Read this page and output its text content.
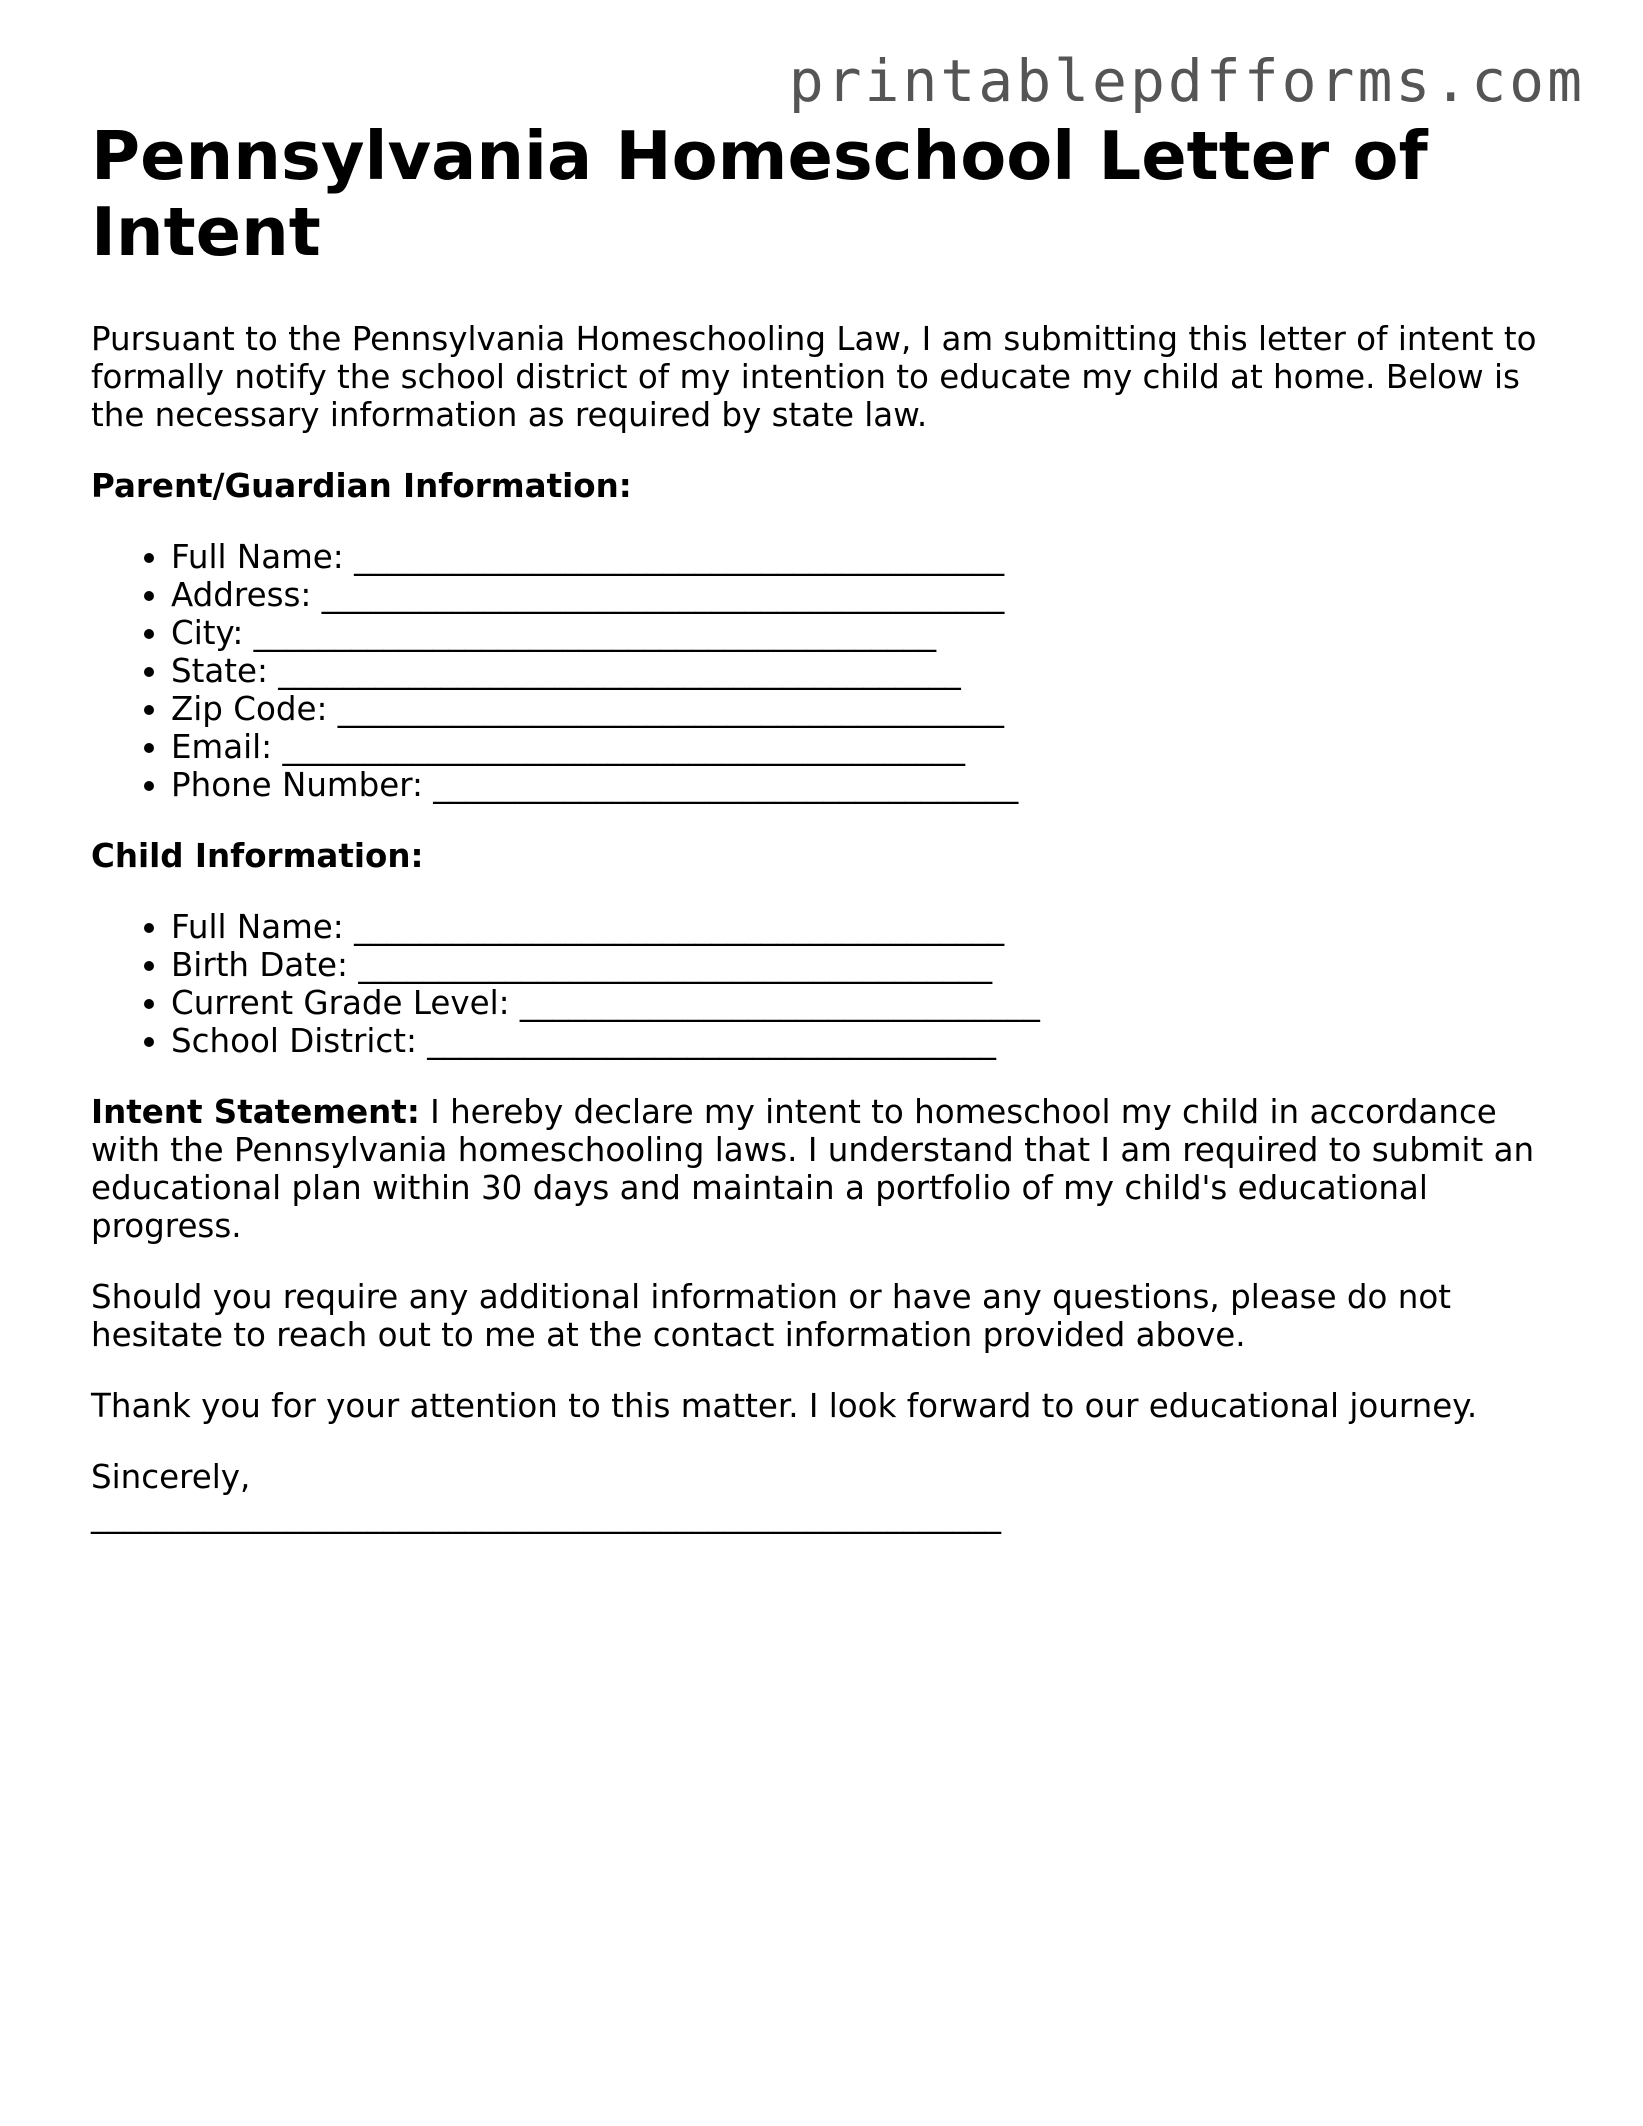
printablepdfforms.com
Pennsylvania Homeschool Letter of Intent

Pursuant to the Pennsylvania Homeschooling Law, I am submitting this letter of intent to formally notify the school district of my intention to educate my child at home. Below is the necessary information as required by state law.

Parent/Guardian Information:
• Full Name: ________________________________________
• Address: __________________________________________
• City: __________________________________________
• State: __________________________________________
• Zip Code: _________________________________________
• Email: __________________________________________
• Phone Number: ____________________________________
Child Information:
• Full Name: ________________________________________
• Birth Date: _______________________________________
• Current Grade Level: ________________________________
• School District: ___________________________________

Intent Statement: I hereby declare my intent to homeschool my child in accordance with the Pennsylvania homeschooling laws. I understand that I am required to submit an educational plan within 30 days and maintain a portfolio of my child's educational progress.

Should you require any additional information or have any questions, please do not hesitate to reach out to me at the contact information provided above.

Thank you for your attention to this matter. I look forward to our educational journey.

Sincerely,

________________________________________________________
